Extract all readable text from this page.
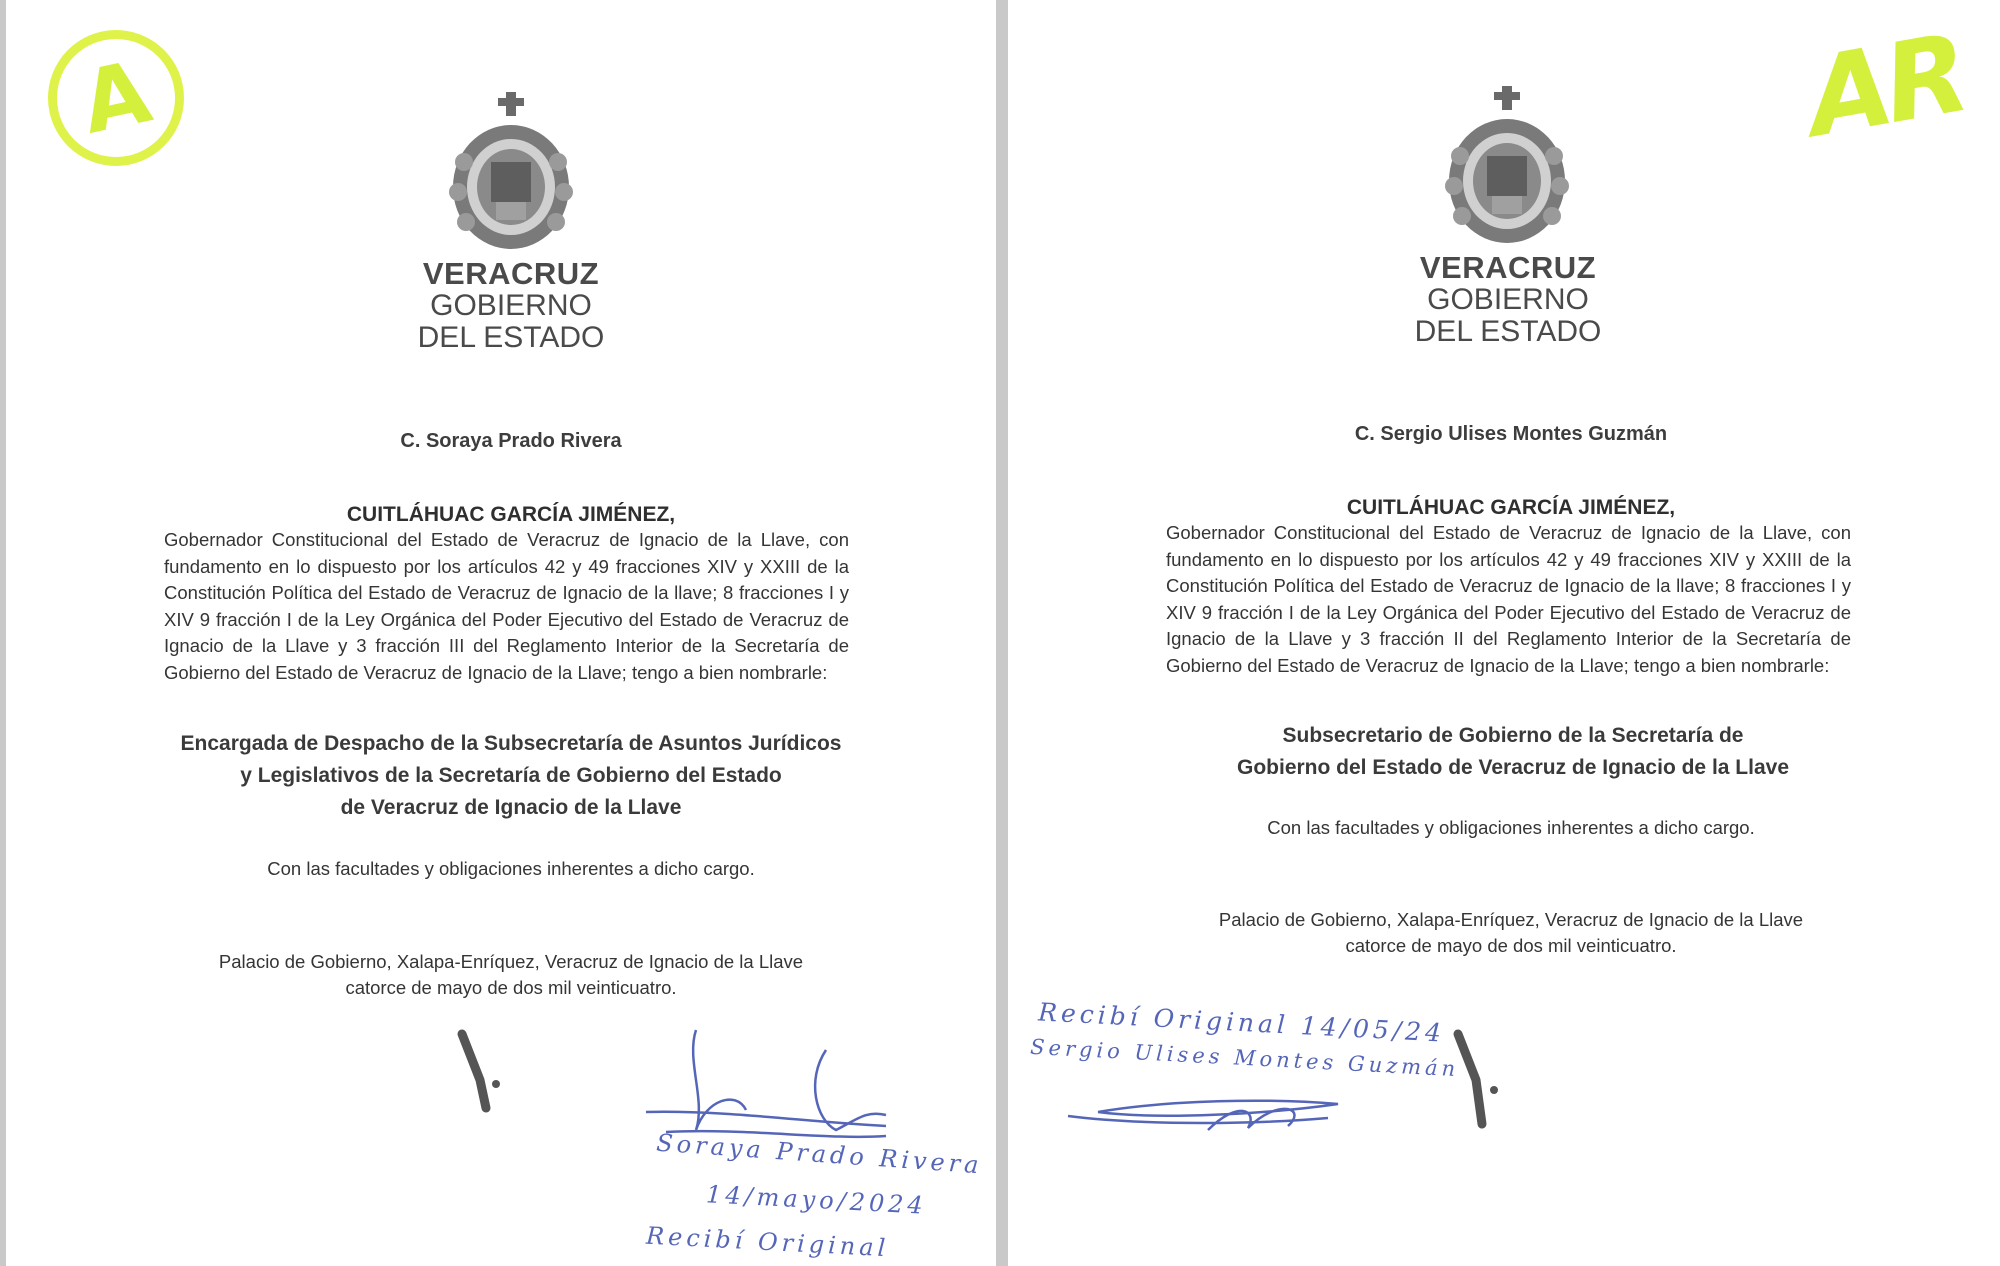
A
VERACRUZ
GOBIERNO
DEL ESTADO
C. Soraya Prado Rivera
CUITLÁHUAC GARCÍA JIMÉNEZ,
Gobernador Constitucional del Estado de Veracruz de Ignacio de la Llave, con fundamento en lo dispuesto por los artículos 42 y 49 fracciones XIV y XXIII de la Constitución Política del Estado de Veracruz de Ignacio de la llave; 8 fracciones I y XIV 9 fracción I de la Ley Orgánica del Poder Ejecutivo del Estado de Veracruz de Ignacio de la Llave y 3 fracción III del Reglamento Interior de la Secretaría de Gobierno del Estado de Veracruz de Ignacio de la Llave; tengo a bien nombrarle:
Encargada de Despacho de la Subsecretaría de Asuntos Jurídicos
y Legislativos de la Secretaría de Gobierno del Estado
de Veracruz de Ignacio de la Llave
Con las facultades y obligaciones inherentes a dicho cargo.
Palacio de Gobierno, Xalapa-Enríquez, Veracruz de Ignacio de la Llave
catorce de mayo de dos mil veinticuatro.
Soraya Prado Rivera
14/mayo/2024
Recibí Original
AR
VERACRUZ
GOBIERNO
DEL ESTADO
C. Sergio Ulises Montes Guzmán
CUITLÁHUAC GARCÍA JIMÉNEZ,
Gobernador Constitucional del Estado de Veracruz de Ignacio de la Llave, con fundamento en lo dispuesto por los artículos 42 y 49 fracciones XIV y XXIII de la Constitución Política del Estado de Veracruz de Ignacio de la llave; 8 fracciones I y XIV 9 fracción I de la Ley Orgánica del Poder Ejecutivo del Estado de Veracruz de Ignacio de la Llave y 3 fracción II del Reglamento Interior de la Secretaría de Gobierno del Estado de Veracruz de Ignacio de la Llave; tengo a bien nombrarle:
Subsecretario de Gobierno de la Secretaría de
Gobierno del Estado de Veracruz de Ignacio de la Llave
Con las facultades y obligaciones inherentes a dicho cargo.
Palacio de Gobierno, Xalapa-Enríquez, Veracruz de Ignacio de la Llave
catorce de mayo de dos mil veinticuatro.
Recibí Original 14/05/24
Sergio Ulises Montes Guzmán
